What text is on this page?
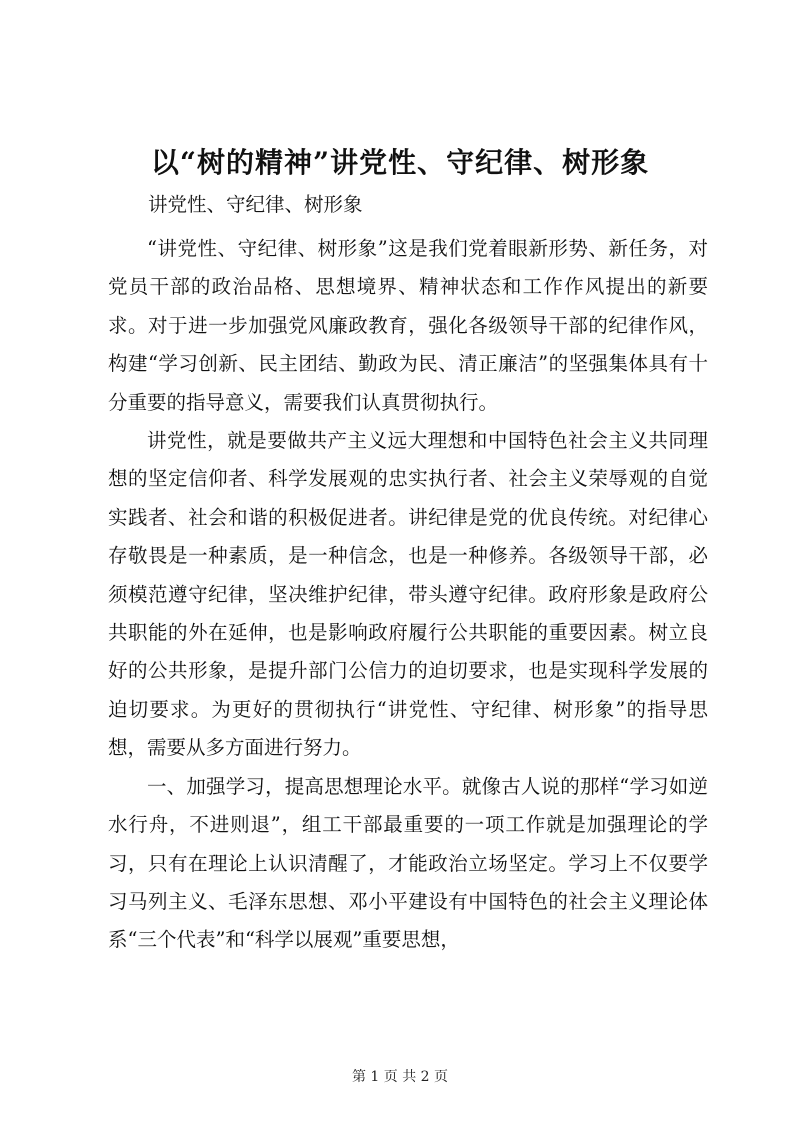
以“树的精神”讲党性、守纪律、树形象

讲党性、守纪律、树形象

“讲党性、守纪律、树形象”这是我们党着眼新形势、新任务，对党员干部的政治品格、思想境界、精神状态和工作作风提出的新要求。对于进一步加强党风廉政教育，强化各级领导干部的纪律作风，构建“学习创新、民主团结、勤政为民、清正廉洁”的坚强集体具有十分重要的指导意义，需要我们认真贯彻执行。

讲党性，就是要做共产主义远大理想和中国特色社会主义共同理想的坚定信仰者、科学发展观的忠实执行者、社会主义荣辱观的自觉实践者、社会和谐的积极促进者。讲纪律是党的优良传统。对纪律心存敬畏是一种素质，是一种信念，也是一种修养。各级领导干部，必须模范遵守纪律，坚决维护纪律，带头遵守纪律。政府形象是政府公共职能的外在延伸，也是影响政府履行公共职能的重要因素。树立良好的公共形象，是提升部门公信力的迫切要求，也是实现科学发展的迫切要求。为更好的贯彻执行“讲党性、守纪律、树形象”的指导思想，需要从多方面进行努力。

一、加强学习，提高思想理论水平。就像古人说的那样“学习如逆水行舟，不进则退”，组工干部最重要的一项工作就是加强理论的学习，只有在理论上认识清醒了，才能政治立场坚定。学习上不仅要学习马列主义、毛泽东思想、邓小平建设有中国特色的社会主义理论体系“三个代表”和“科学以展观”重要思想，

第 1 页 共 2 页
